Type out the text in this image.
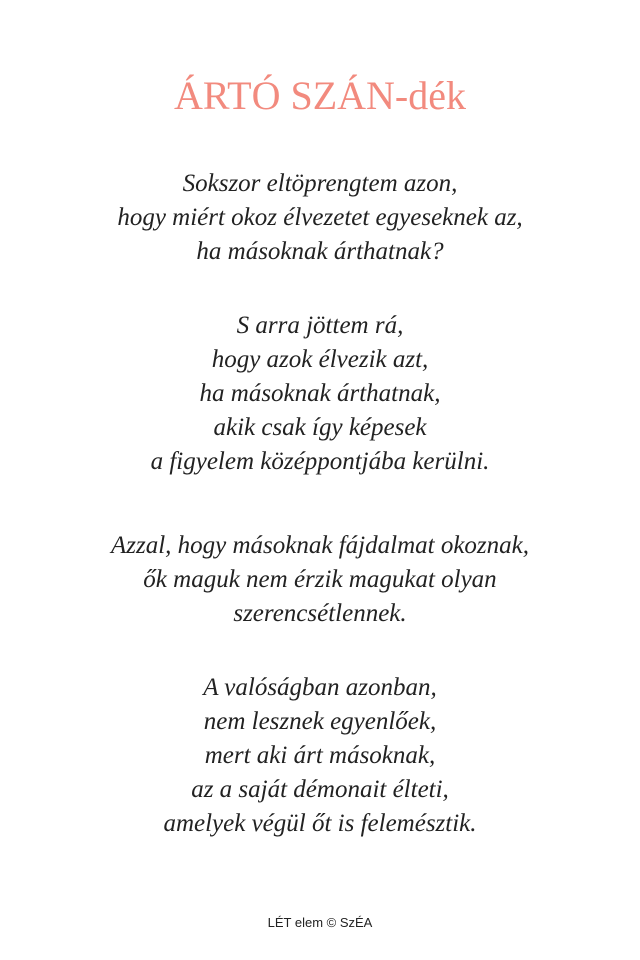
ÁRTÓ SZÁN-dék
Sokszor eltöprengtem azon,
hogy miért okoz élvezetet egyeseknek az,
ha másoknak árthatnak?
S arra jöttem rá,
hogy azok élvezik azt,
ha másoknak árthatnak,
akik csak így képesek
a figyelem középpontjába kerülni.
Azzal, hogy másoknak fájdalmat okoznak,
ők maguk nem érzik magukat olyan
szerencsétlennek.
A valóságban azonban,
nem lesznek egyenlőek,
mert aki árt másoknak,
az a saját démonait élteti,
amelyek végül őt is felemésztik.
LÉT elem © SzÉA
